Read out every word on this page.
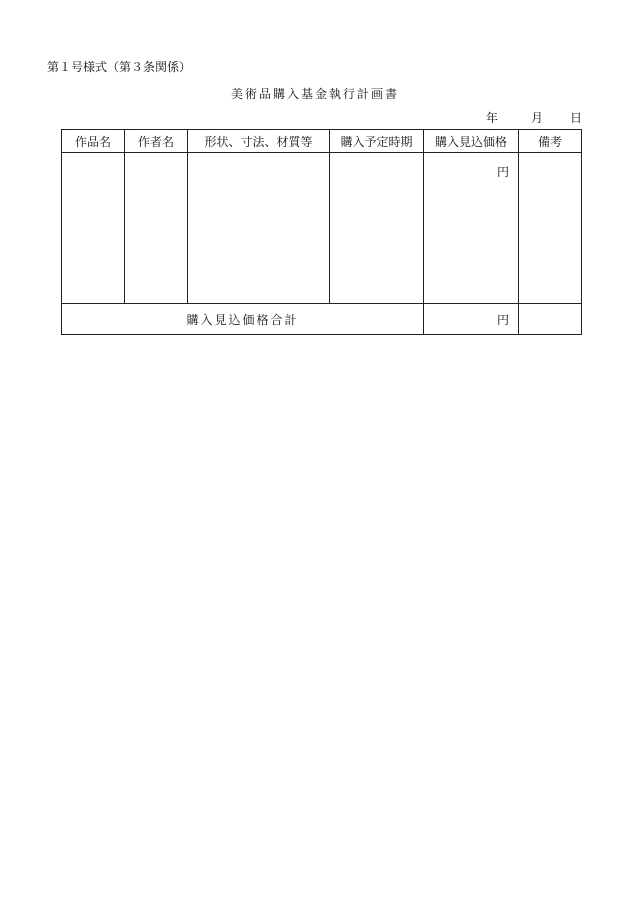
第１号様式（第３条関係）
美術品購入基金執行計画書
年	月 日
作品名	作者名	形状、寸法、材質等	購入予定時期	購入見込価格	備考
				円	
購入見込価格合計				円	
